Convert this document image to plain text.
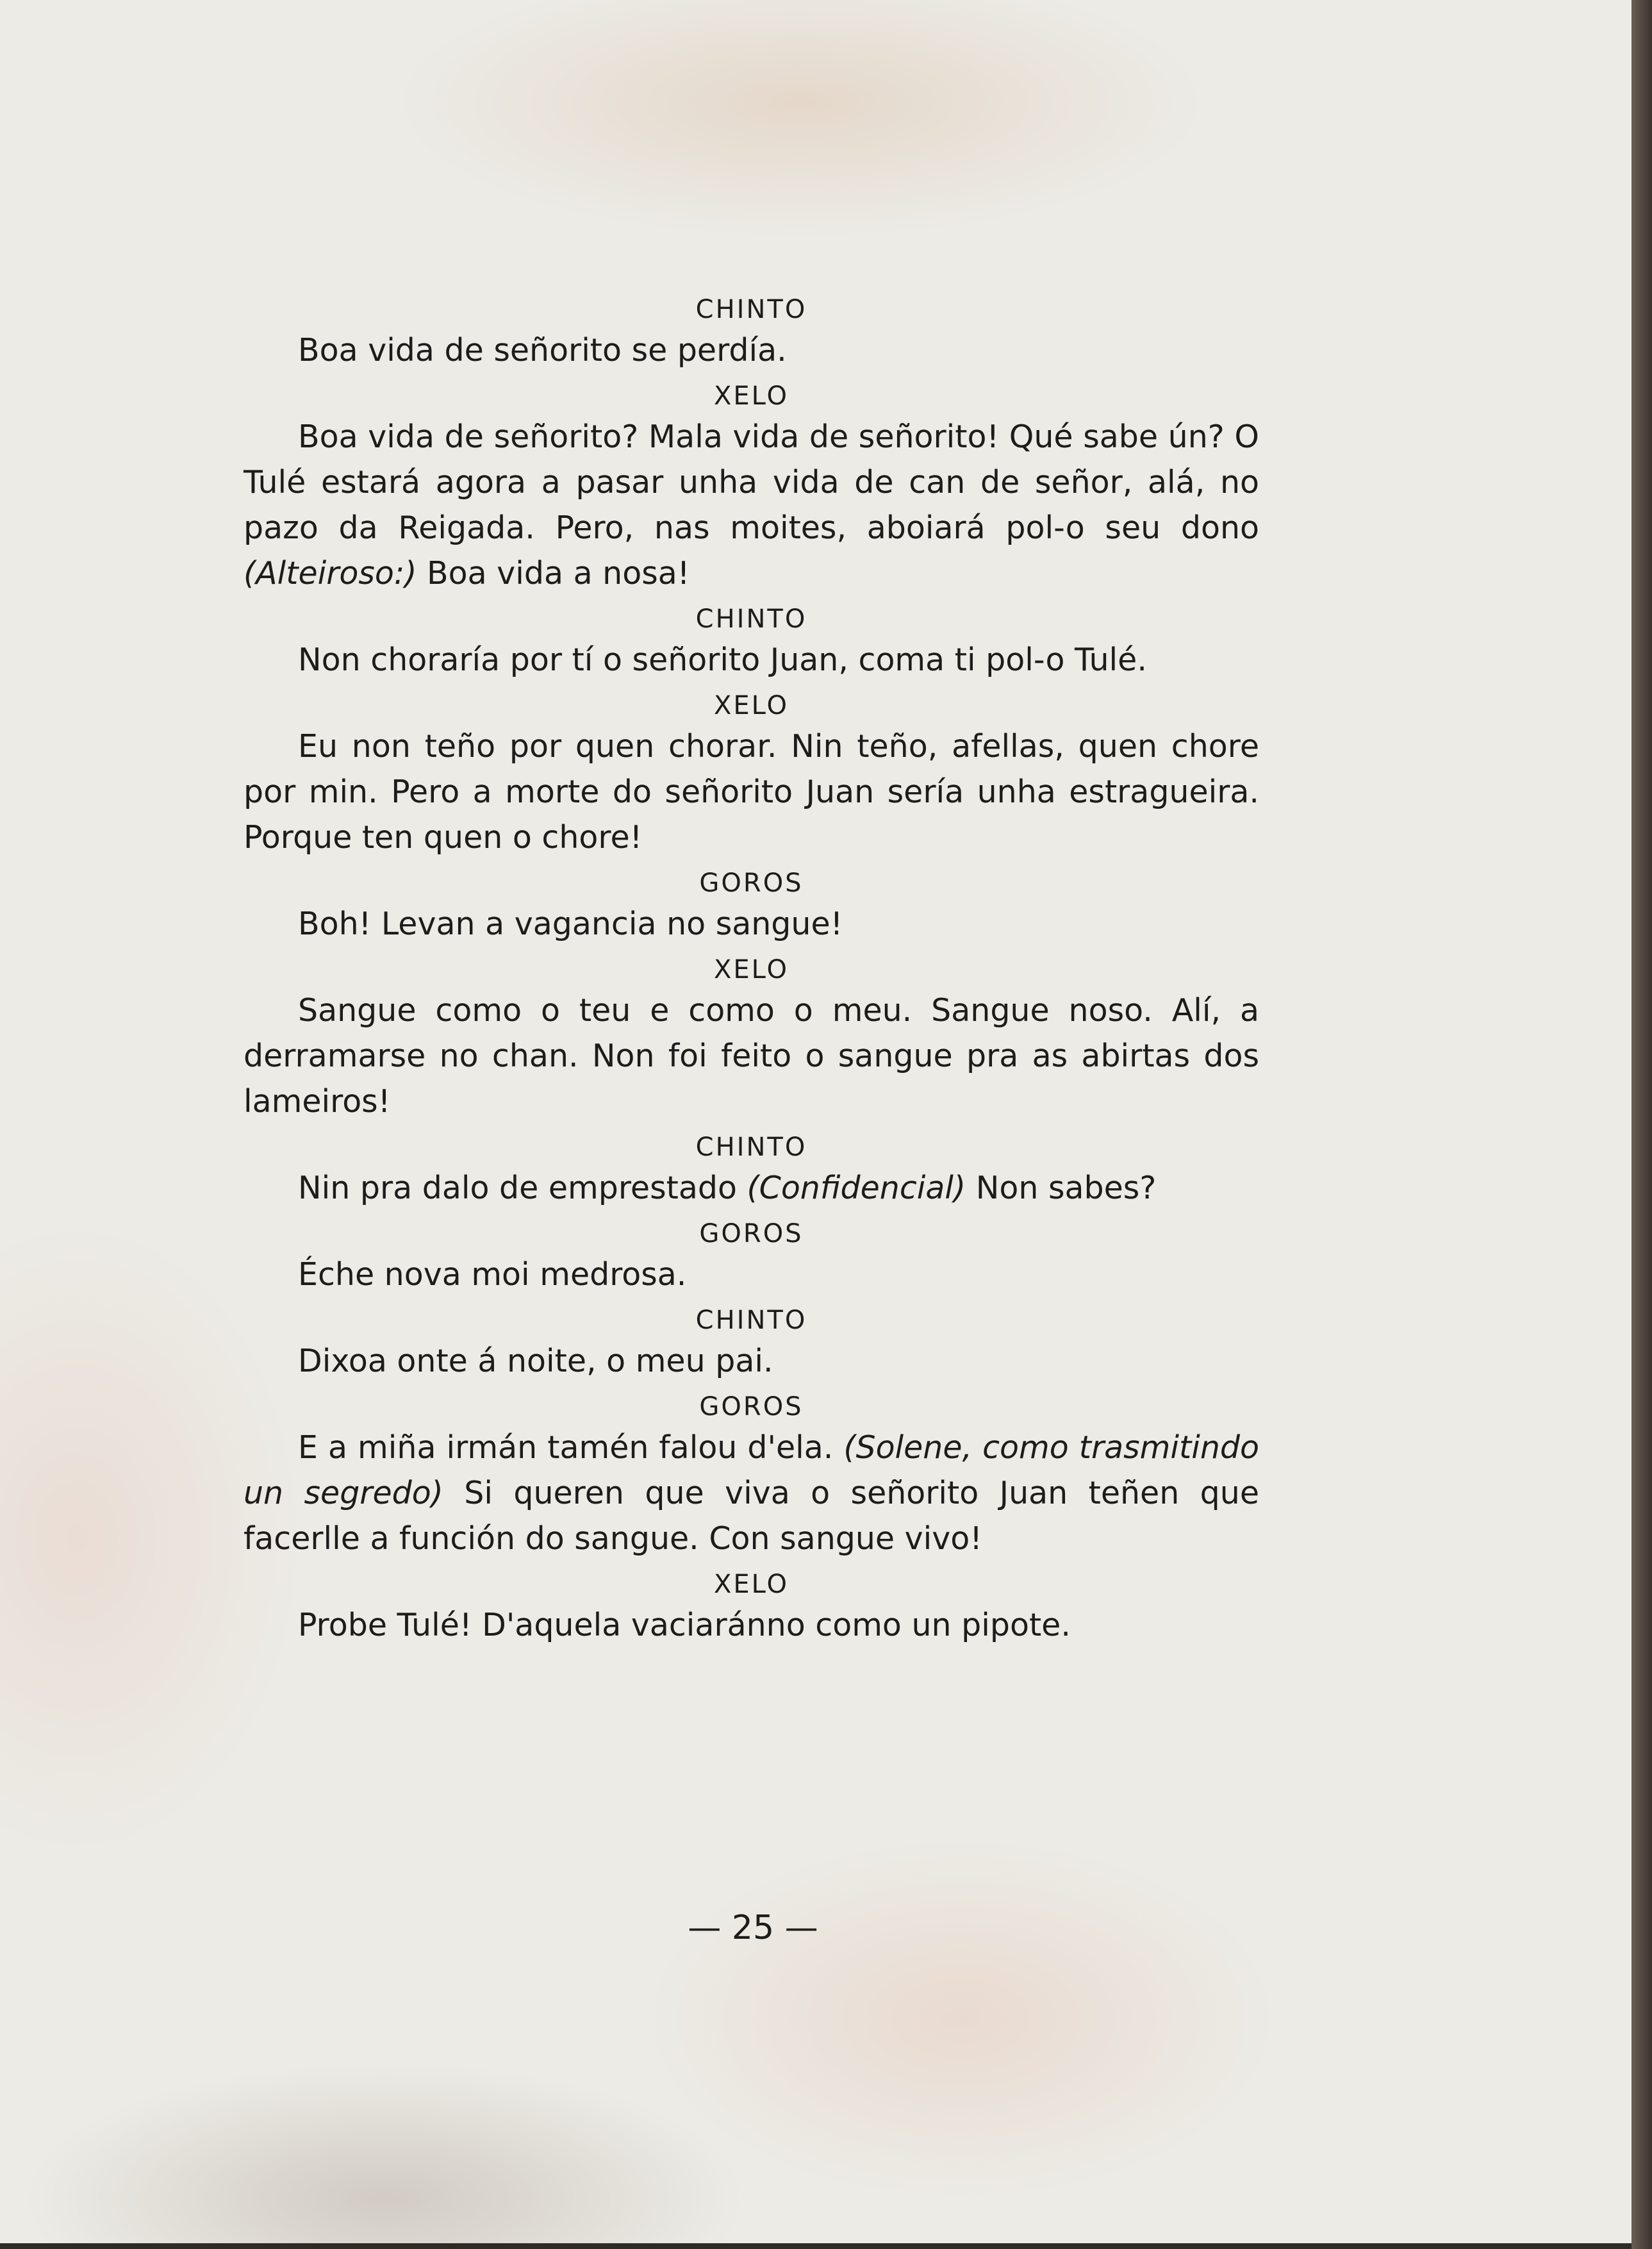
CHINTO

Boa vida de señorito se perdía.

XELO

Boa vida de señorito? Mala vida de señorito! Qué sabe ún? O Tulé estará agora a pasar unha vida de can de señor, alá, no pazo da Reigada. Pero, nas moites, aboiará pol-o seu dono (Alteiroso:) Boa vida a nosa!

CHINTO

Non choraría por tí o señorito Juan, coma ti pol-o Tulé.

XELO

Eu non teño por quen chorar. Nin teño, afellas, quen chore por min. Pero a morte do señorito Juan sería unha estragueira. Porque ten quen o chore!

GOROS

Boh! Levan a vagancia no sangue!

XELO

Sangue como o teu e como o meu. Sangue noso. Alí, a derramarse no chan. Non foi feito o sangue pra as abirtas dos lameiros!

CHINTO

Nin pra dalo de emprestado (Confidencial) Non sabes?

GOROS

Éche nova moi medrosa.

CHINTO

Dixoa onte á noite, o meu pai.

GOROS

E a miña irmán tamén falou d'ela. (Solene, como trasmitindo un segredo) Si queren que viva o señorito Juan teñen que facerlle a función do sangue. Con sangue vivo!

XELO

Probe Tulé! D'aquela vaciaránno como un pipote.

— 25 —
